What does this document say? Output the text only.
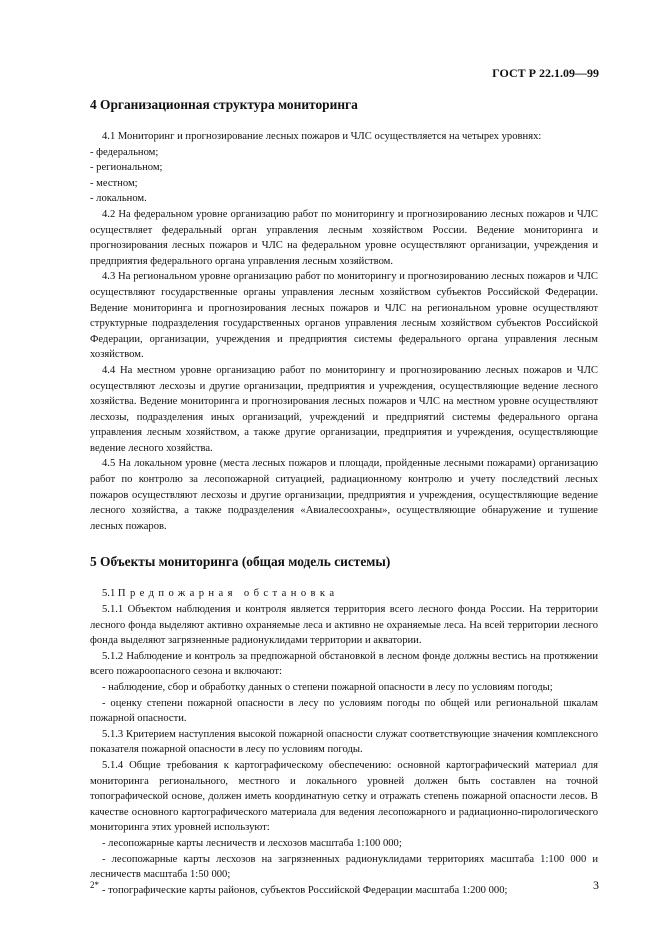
ГОСТ Р 22.1.09—99
4 Организационная структура мониторинга

4.1 Мониторинг и прогнозирование лесных пожаров и ЧЛС осуществляется на четырех уровнях:

- федеральном;

- региональном;

- местном;

- локальном.

4.2 На федеральном уровне организацию работ по мониторингу и прогнозированию лесных пожаров и ЧЛС осуществляет федеральный орган управления лесным хозяйством России. Ведение мониторинга и прогнозирования лесных пожаров и ЧЛС на федеральном уровне осуществляют организации, учреждения и предприятия федерального органа управления лесным хозяйством.

4.3 На региональном уровне организацию работ по мониторингу и прогнозированию лесных пожаров и ЧЛС осуществляют государственные органы управления лесным хозяйством субъектов Российской Федерации. Ведение мониторинга и прогнозирования лесных пожаров и ЧЛС на региональном уровне осуществляют структурные подразделения государственных органов управления лесным хозяйством субъектов Российской Федерации, организации, учреждения и предприятия системы федерального органа управления лесным хозяйством.

4.4 На местном уровне организацию работ по мониторингу и прогнозированию лесных пожаров и ЧЛС осуществляют лесхозы и другие организации, предприятия и учреждения, осуществляющие ведение лесного хозяйства. Ведение мониторинга и прогнозирования лесных пожаров и ЧЛС на местном уровне осуществляют лесхозы, подразделения иных организаций, учреждений и предприятий системы федерального органа управления лесным хозяйством, а также другие организации, предприятия и учреждения, осуществляющие ведение лесного хозяйства.

4.5 На локальном уровне (места лесных пожаров и площади, пройденные лесными пожарами) организацию работ по контролю за лесопожарной ситуацией, радиационному контролю и учету последствий лесных пожаров осуществляют лесхозы и другие организации, предприятия и учреждения, осуществляющие ведение лесного хозяйства, а также подразделения «Авиалесоохраны», осуществляющие обнаружение и тушение лесных пожаров.

5 Объекты мониторинга (общая модель системы)

5.1 Предпожарная обстановка

5.1.1 Объектом наблюдения и контроля является территория всего лесного фонда России. На территории лесного фонда выделяют активно охраняемые леса и активно не охраняемые леса. На всей территории лесного фонда выделяют загрязненные радионуклидами территории и акватории.

5.1.2 Наблюдение и контроль за предпожарной обстановкой в лесном фонде должны вестись на протяжении всего пожароопасного сезона и включают:

- наблюдение, сбор и обработку данных о степени пожарной опасности в лесу по условиям погоды;

- оценку степени пожарной опасности в лесу по условиям погоды по общей или региональной шкалам пожарной опасности.

5.1.3 Критерием наступления высокой пожарной опасности служат соответствующие значения комплексного показателя пожарной опасности в лесу по условиям погоды.

5.1.4 Общие требования к картографическому обеспечению: основной картографический материал для мониторинга регионального, местного и локального уровней должен быть составлен на точной топографической основе, должен иметь координатную сетку и отражать степень пожарной опасности лесов. В качестве основного картографического материала для ведения лесопожарного и радиационно-пирологического мониторинга этих уровней используют:

- лесопожарные карты лесничеств и лесхозов масштаба 1:100 000;

- лесопожарные карты лесхозов на загрязненных радионуклидами территориях масштаба 1:100 000 и лесничеств масштаба 1:50 000;

- топографические карты районов, субъектов Российской Федерации масштаба 1:200 000;

2*	3
